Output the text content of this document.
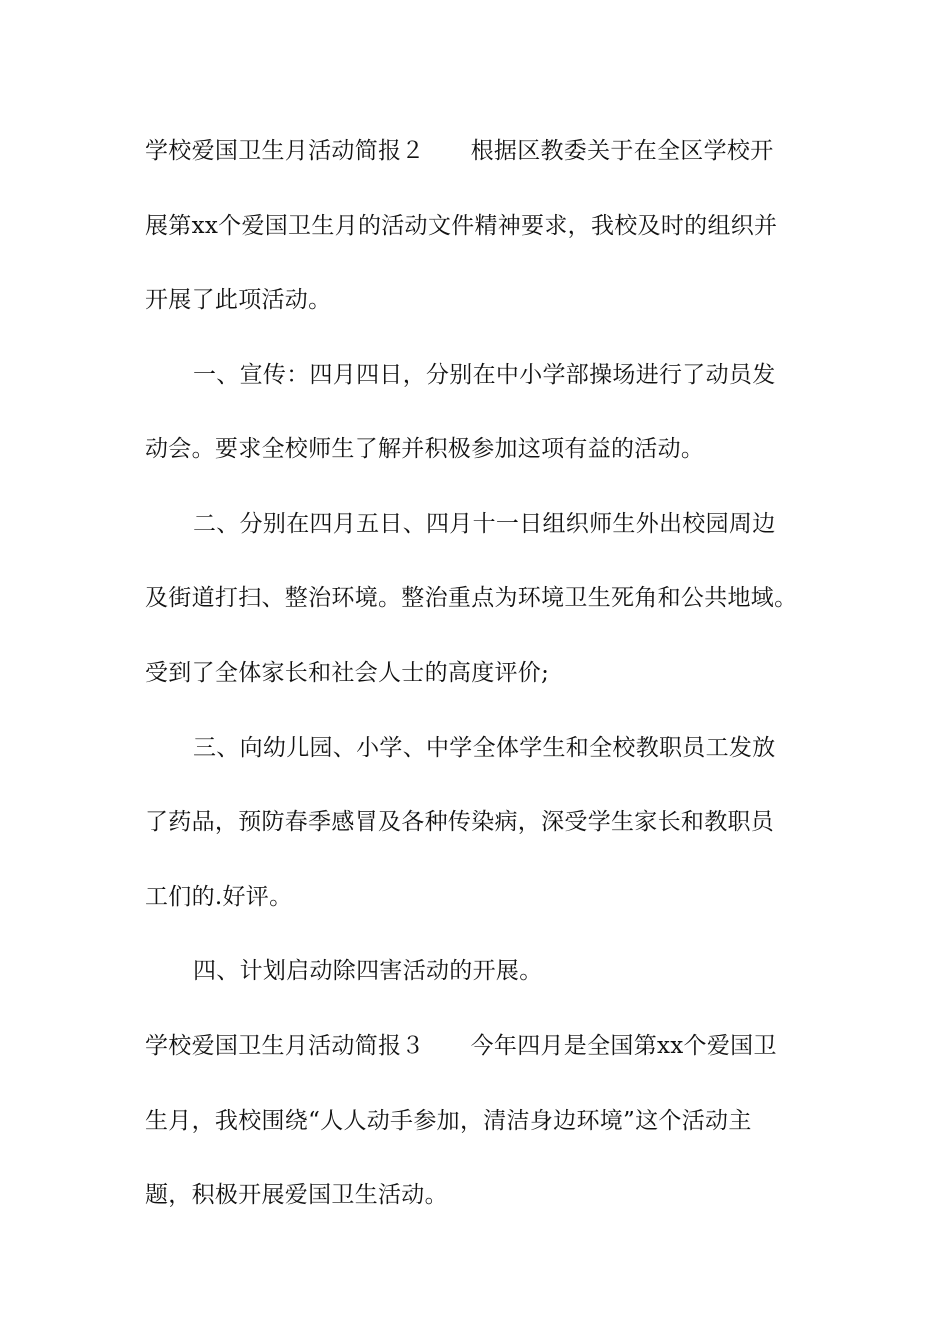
学校爱国卫生月活动简报２ 根据区教委关于在全区学校开
展第xx个爱国卫生月的活动文件精神要求，我校及时的组织并
开展了此项活动。
一、宣传：四月四日，分别在中小学部操场进行了动员发
动会。要求全校师生了解并积极参加这项有益的活动。
二、分别在四月五日、四月十一日组织师生外出校园周边
及街道打扫、整治环境。整治重点为环境卫生死角和公共地域。
受到了全体家长和社会人士的高度评价;
三、向幼儿园、小学、中学全体学生和全校教职员工发放
了药品，预防春季感冒及各种传染病，深受学生家长和教职员
工们的.好评。
四、计划启动除四害活动的开展。
学校爱国卫生月活动简报３ 今年四月是全国第xx个爱国卫
生月，我校围绕“人人动手参加，清洁身边环境”这个活动主
题，积极开展爱国卫生活动。
